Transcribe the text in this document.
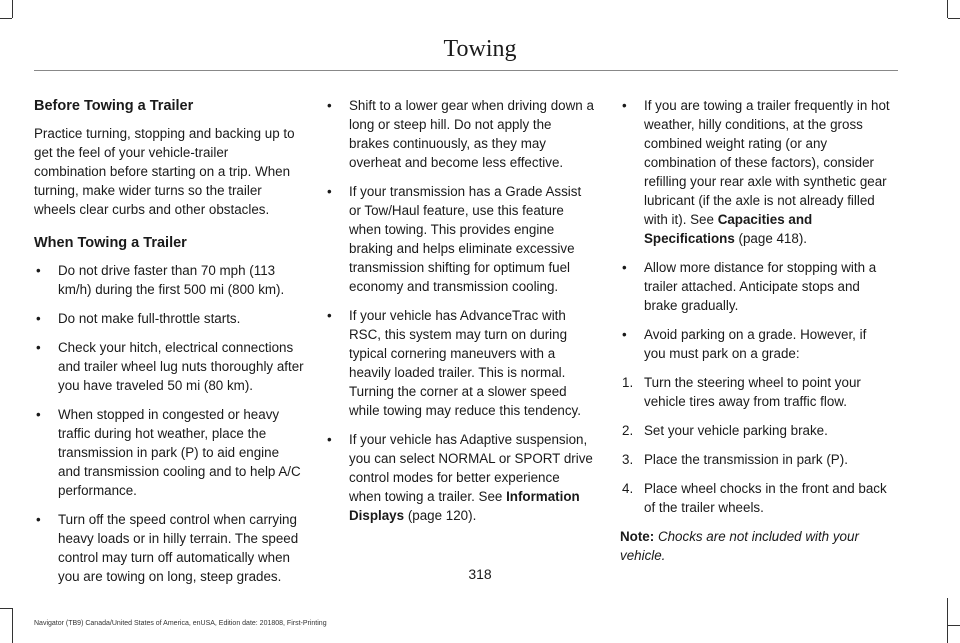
Towing
Before Towing a Trailer

Practice turning, stopping and backing up to get the feel of your vehicle-trailer combination before starting on a trip. When turning, make wider turns so the trailer wheels clear curbs and other obstacles.

When Towing a Trailer
• Do not drive faster than 70 mph (113 km/h) during the first 500 mi (800 km).
• Do not make full-throttle starts.
• Check your hitch, electrical connections and trailer wheel lug nuts thoroughly after you have traveled 50 mi (80 km).
• When stopped in congested or heavy traffic during hot weather, place the transmission in park (P) to aid engine and transmission cooling and to help A/C performance.
• Turn off the speed control when carrying heavy loads or in hilly terrain. The speed control may turn off automatically when you are towing on long, steep grades.
• Shift to a lower gear when driving down a long or steep hill. Do not apply the brakes continuously, as they may overheat and become less effective.
• If your transmission has a Grade Assist or Tow/Haul feature, use this feature when towing. This provides engine braking and helps eliminate excessive transmission shifting for optimum fuel economy and transmission cooling.
• If your vehicle has AdvanceTrac with RSC, this system may turn on during typical cornering maneuvers with a heavily loaded trailer. This is normal. Turning the corner at a slower speed while towing may reduce this tendency.
• If your vehicle has Adaptive suspension, you can select NORMAL or SPORT drive control modes for better experience when towing a trailer. See Information Displays (page 120).
• If you are towing a trailer frequently in hot weather, hilly conditions, at the gross combined weight rating (or any combination of these factors), consider refilling your rear axle with synthetic gear lubricant (if the axle is not already filled with it). See Capacities and Specifications (page 418).
• Allow more distance for stopping with a trailer attached. Anticipate stops and brake gradually.
• Avoid parking on a grade. However, if you must park on a grade:
1. Turn the steering wheel to point your vehicle tires away from traffic flow.
2. Set your vehicle parking brake.
3. Place the transmission in park (P).
4. Place wheel chocks in the front and back of the trailer wheels.

Note: Chocks are not included with your vehicle.

318
Navigator (TB9) Canada/United States of America, enUSA, Edition date: 201808, First-Printing
